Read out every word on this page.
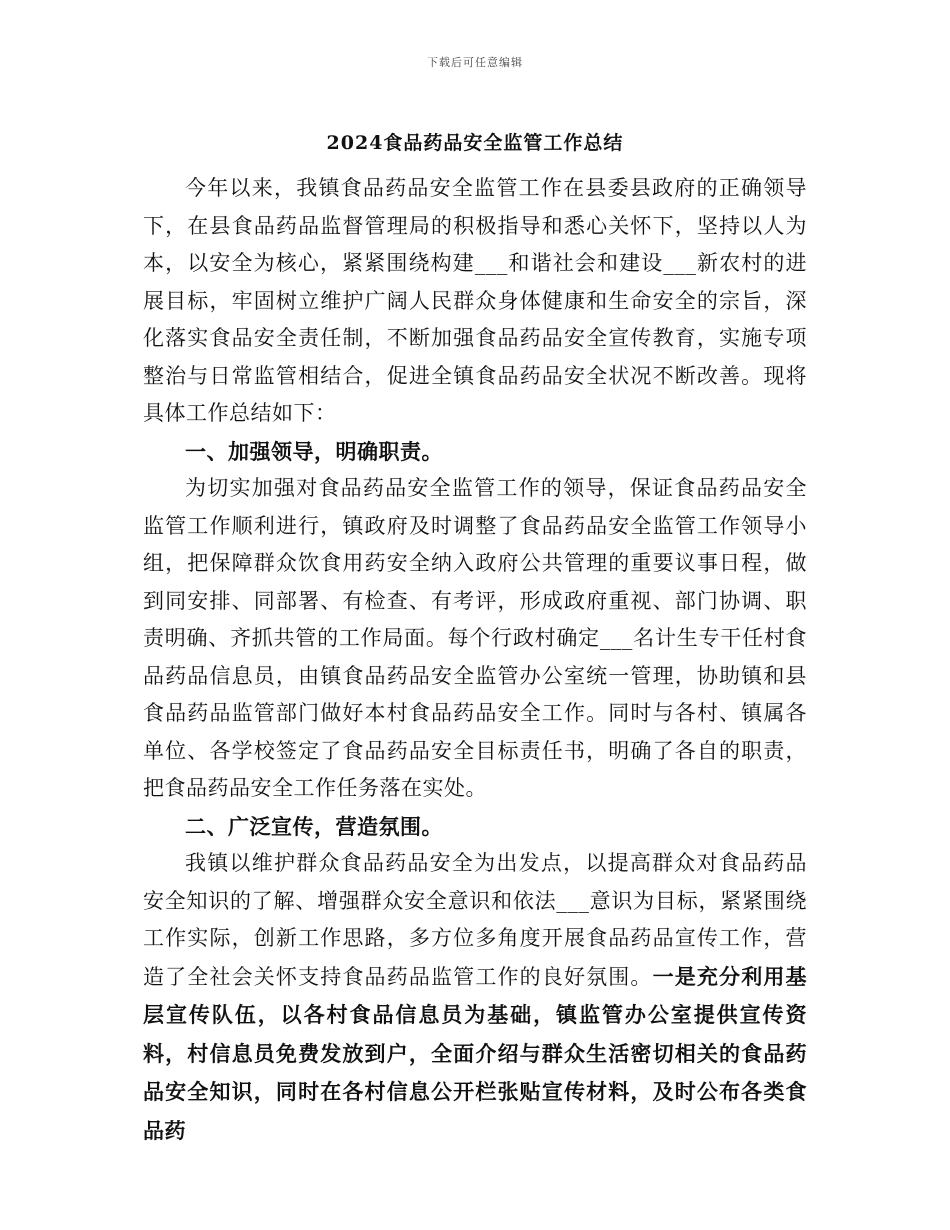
下载后可任意编辑
2024食品药品安全监管工作总结

今年以来，我镇食品药品安全监管工作在县委县政府的正确领导下，在县食品药品监督管理局的积极指导和悉心关怀下，坚持以人为本，以安全为核心，紧紧围绕构建___和谐社会和建设___新农村的进展目标，牢固树立维护广阔人民群众身体健康和生命安全的宗旨，深化落实食品安全责任制，不断加强食品药品安全宣传教育，实施专项整治与日常监管相结合，促进全镇食品药品安全状况不断改善。现将具体工作总结如下：

一、加强领导，明确职责。

为切实加强对食品药品安全监管工作的领导，保证食品药品安全监管工作顺利进行，镇政府及时调整了食品药品安全监管工作领导小组，把保障群众饮食用药安全纳入政府公共管理的重要议事日程，做到同安排、同部署、有检查、有考评，形成政府重视、部门协调、职责明确、齐抓共管的工作局面。每个行政村确定___名计生专干任村食品药品信息员，由镇食品药品安全监管办公室统一管理，协助镇和县食品药品监管部门做好本村食品药品安全工作。同时与各村、镇属各单位、各学校签定了食品药品安全目标责任书，明确了各自的职责，把食品药品安全工作任务落在实处。

二、广泛宣传，营造氛围。

我镇以维护群众食品药品安全为出发点，以提高群众对食品药品安全知识的了解、增强群众安全意识和依法___意识为目标，紧紧围绕工作实际，创新工作思路，多方位多角度开展食品药品宣传工作，营造了全社会关怀支持食品药品监管工作的良好氛围。一是充分利用基层宣传队伍，以各村食品信息员为基础，镇监管办公室提供宣传资料，村信息员免费发放到户，全面介绍与群众生活密切相关的食品药品安全知识，同时在各村信息公开栏张贴宣传材料，及时公布各类食品药
